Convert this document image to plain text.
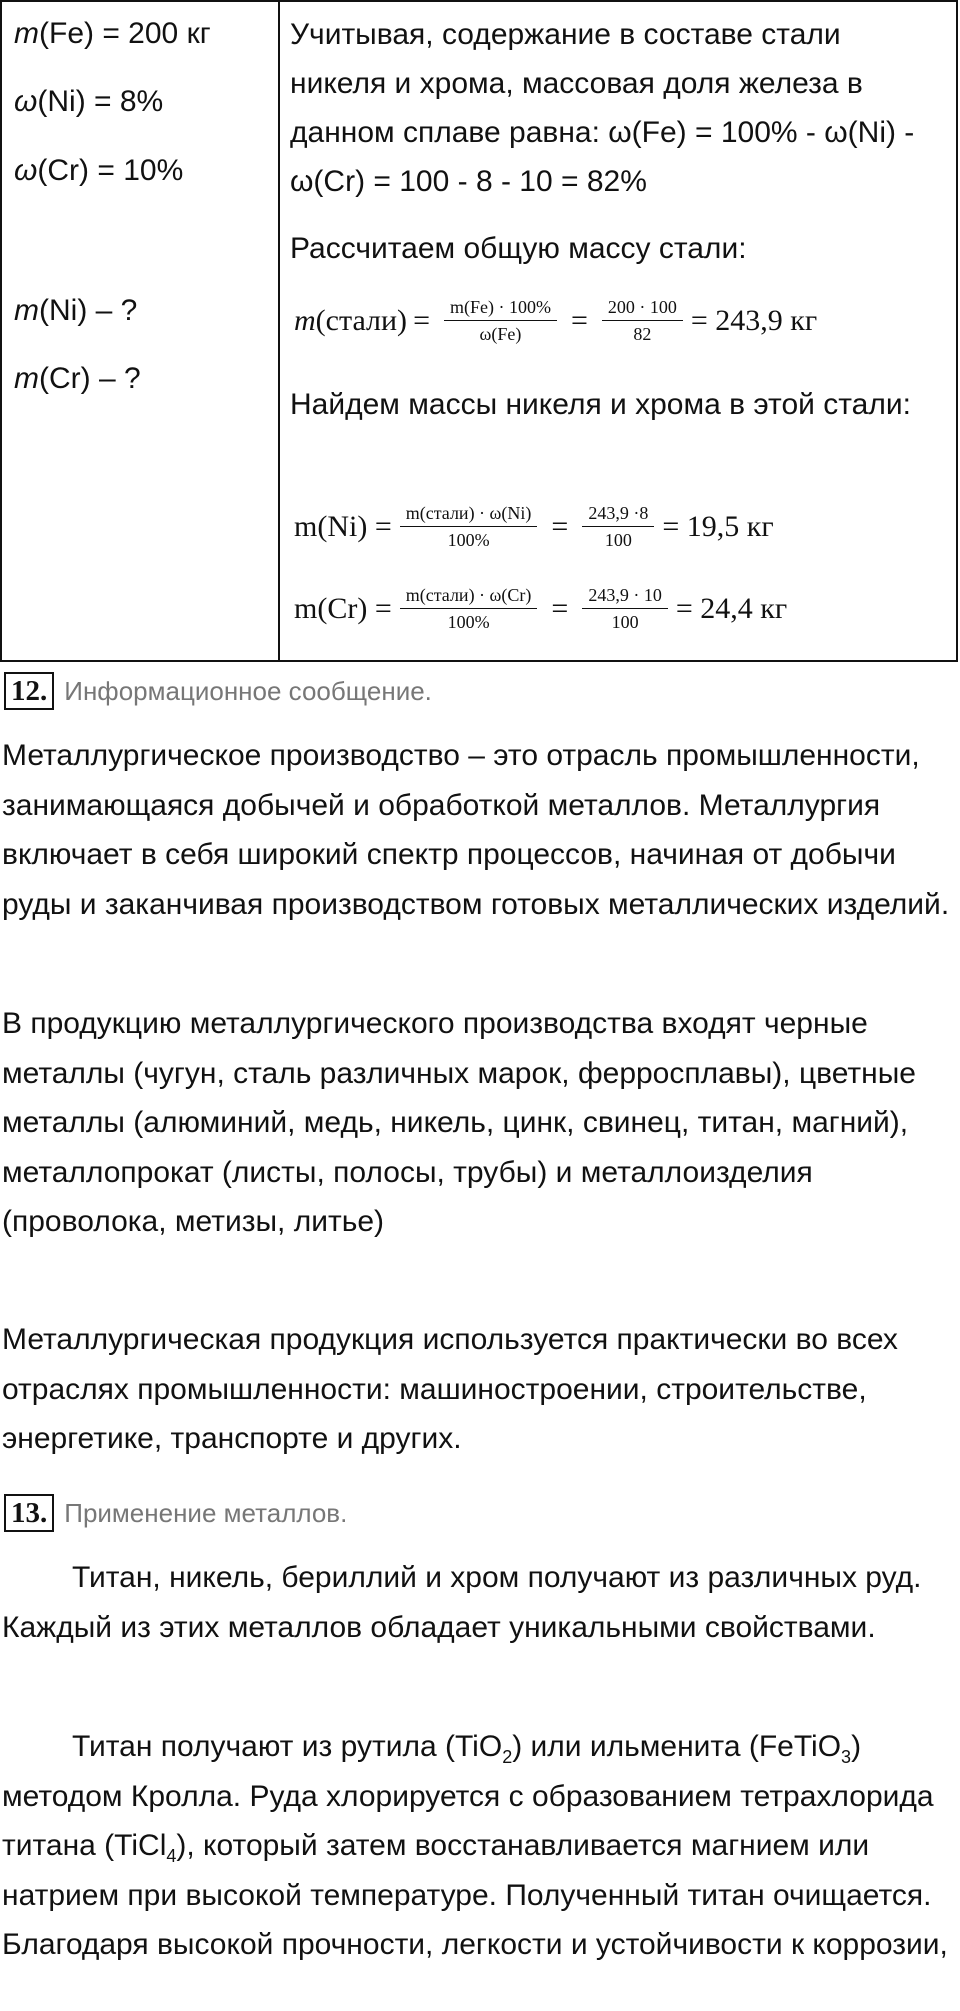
m(Fe) = 200 кг
ω(Ni) = 8%
ω(Cr) = 10%
m(Ni) – ?
m(Cr) – ?
Учитывая, содержание в составе стали никеля и хрома, массовая доля железа в данном сплаве равна: ω(Fe) = 100% - ω(Ni) - ω(Cr) = 100 - 8 - 10 = 82%
Рассчитаем общую массу стали:
m (стали) = $\frac{m(Fe) \cdot 100\%}{\omega(Fe)} = \frac{200 \cdot 100}{82} = 243,9$ кг
Найдем массы никеля и хрома в этой стали:
$m(Ni) = \frac{\text{m(стали) · ω(Ni)}}{100\%} = \frac{243,9 \cdot 8}{100} = 19,5$ кг
$m(Cr) = \frac{\text{m(стали) · ω(Cr)}}{100\%} = \frac{243,9 \cdot 10}{100} = 24,4$ кг
12. Информационное сообщение.
Металлургическое производство – это отрасль промышленности, занимающаяся добычей и обработкой металлов. Металлургия включает в себя широкий спектр процессов, начиная от добычи руды и заканчивая производством готовых металлических изделий.
В продукцию металлургического производства входят черные металлы (чугун, сталь различных марок, ферросплавы), цветные металлы (алюминий, медь, никель, цинк, свинец, титан, магний), металлопрокат (листы, полосы, трубы) и металлоизделия (проволока, метизы, литье)
Металлургическая продукция используется практически во всех отраслях промышленности: машиностроении, строительстве, энергетике, транспорте и других.
13. Применение металлов.
Титан, никель, бериллий и хром получают из различных руд. Каждый из этих металлов обладает уникальными свойствами.
Титан получают из рутила (TiO$_2$) или ильменита (FeTiO$_3$) методом Кролла. Руда хлорируется с образованием тетрахлорида титана (TiCl$_4$), который затем восстанавливается магнием или натрием при высокой температуре. Полученный титан очищается. Благодаря высокой прочности, легкости и устойчивости к коррозии,
